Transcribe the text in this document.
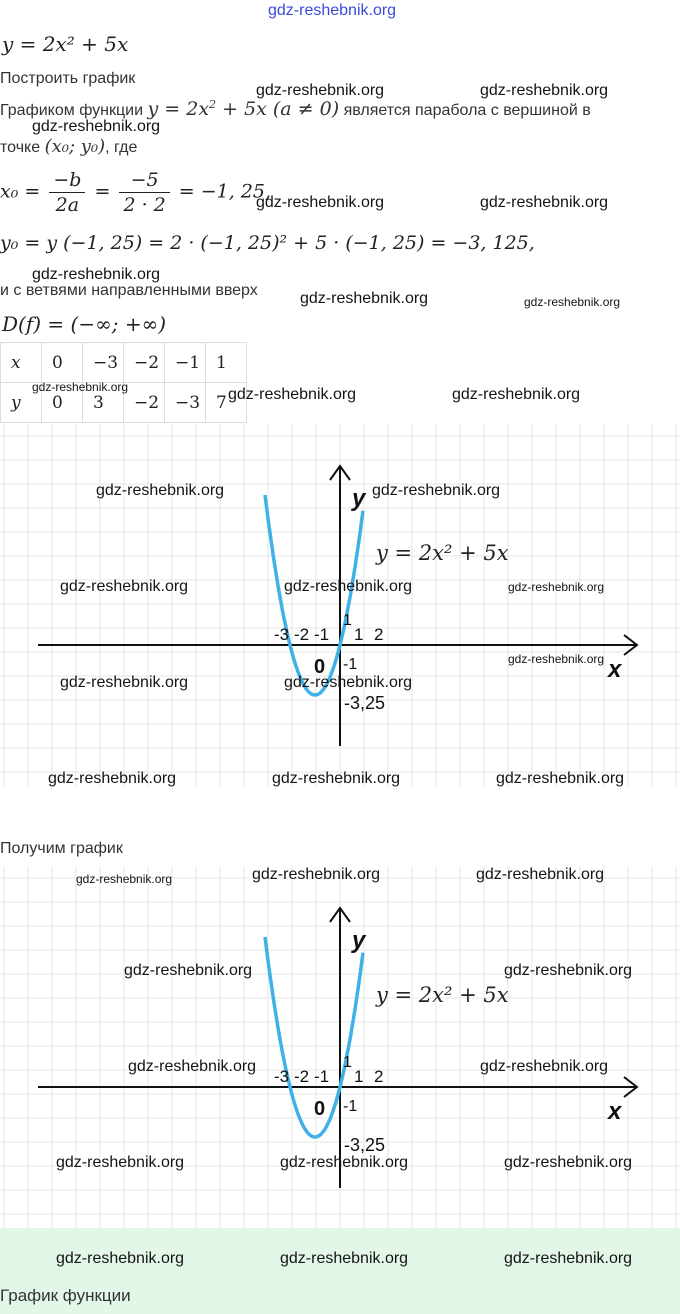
gdz-reshebnik.org
y = 2x² + 5x
Построить график
Графиком функции $y = 2x^2 + 5x$ (a ≠ 0) является парабола с вершиной в
точке (x₀; y₀), где
$x_0 = \frac{-b}{2a} = \frac{-5}{2 \cdot 2} = -1$, 25,
y₀ = y (−1, 25) = 2 · (−1, 25)² + 5 · (−1, 25) = −3, 125,
и с ветвями направленными вверх
D(f) = (−∞; +∞)
x	0	−3	−2	−1	1
y	0	3	−2	−3	7
-3 -2 -1 1 2
1
-1
0
-3,25
x
y
y = 2x² + 5x
Получим график
-3 -2 -1 1 2
1
-1
0
-3,25
x
y
y = 2x² + 5x
График функции
gdz-reshebnik.org	gdz-reshebnik.org
gdz-reshebnik.org
gdz-reshebnik.org	gdz-reshebnik.org
gdz-reshebnik.org
gdz-reshebnik.org	gdz-reshebnik.org
gdz-reshebnik.org	gdz-reshebnik.org	gdz-reshebnik.org
gdz-reshebnik.org	gdz-reshebnik.org
gdz-reshebnik.org	gdz-reshebnik.org	gdz-reshebnik.org
gdz-reshebnik.org
gdz-reshebnik.org	gdz-reshebnik.org
gdz-reshebnik.org	gdz-reshebnik.org	gdz-reshebnik.org
gdz-reshebnik.org	gdz-reshebnik.org	gdz-reshebnik.org
gdz-reshebnik.org	gdz-reshebnik.org
gdz-reshebnik.org	gdz-reshebnik.org
gdz-reshebnik.org	gdz-reshebnik.org	gdz-reshebnik.org
gdz-reshebnik.org	gdz-reshebnik.org	gdz-reshebnik.org
